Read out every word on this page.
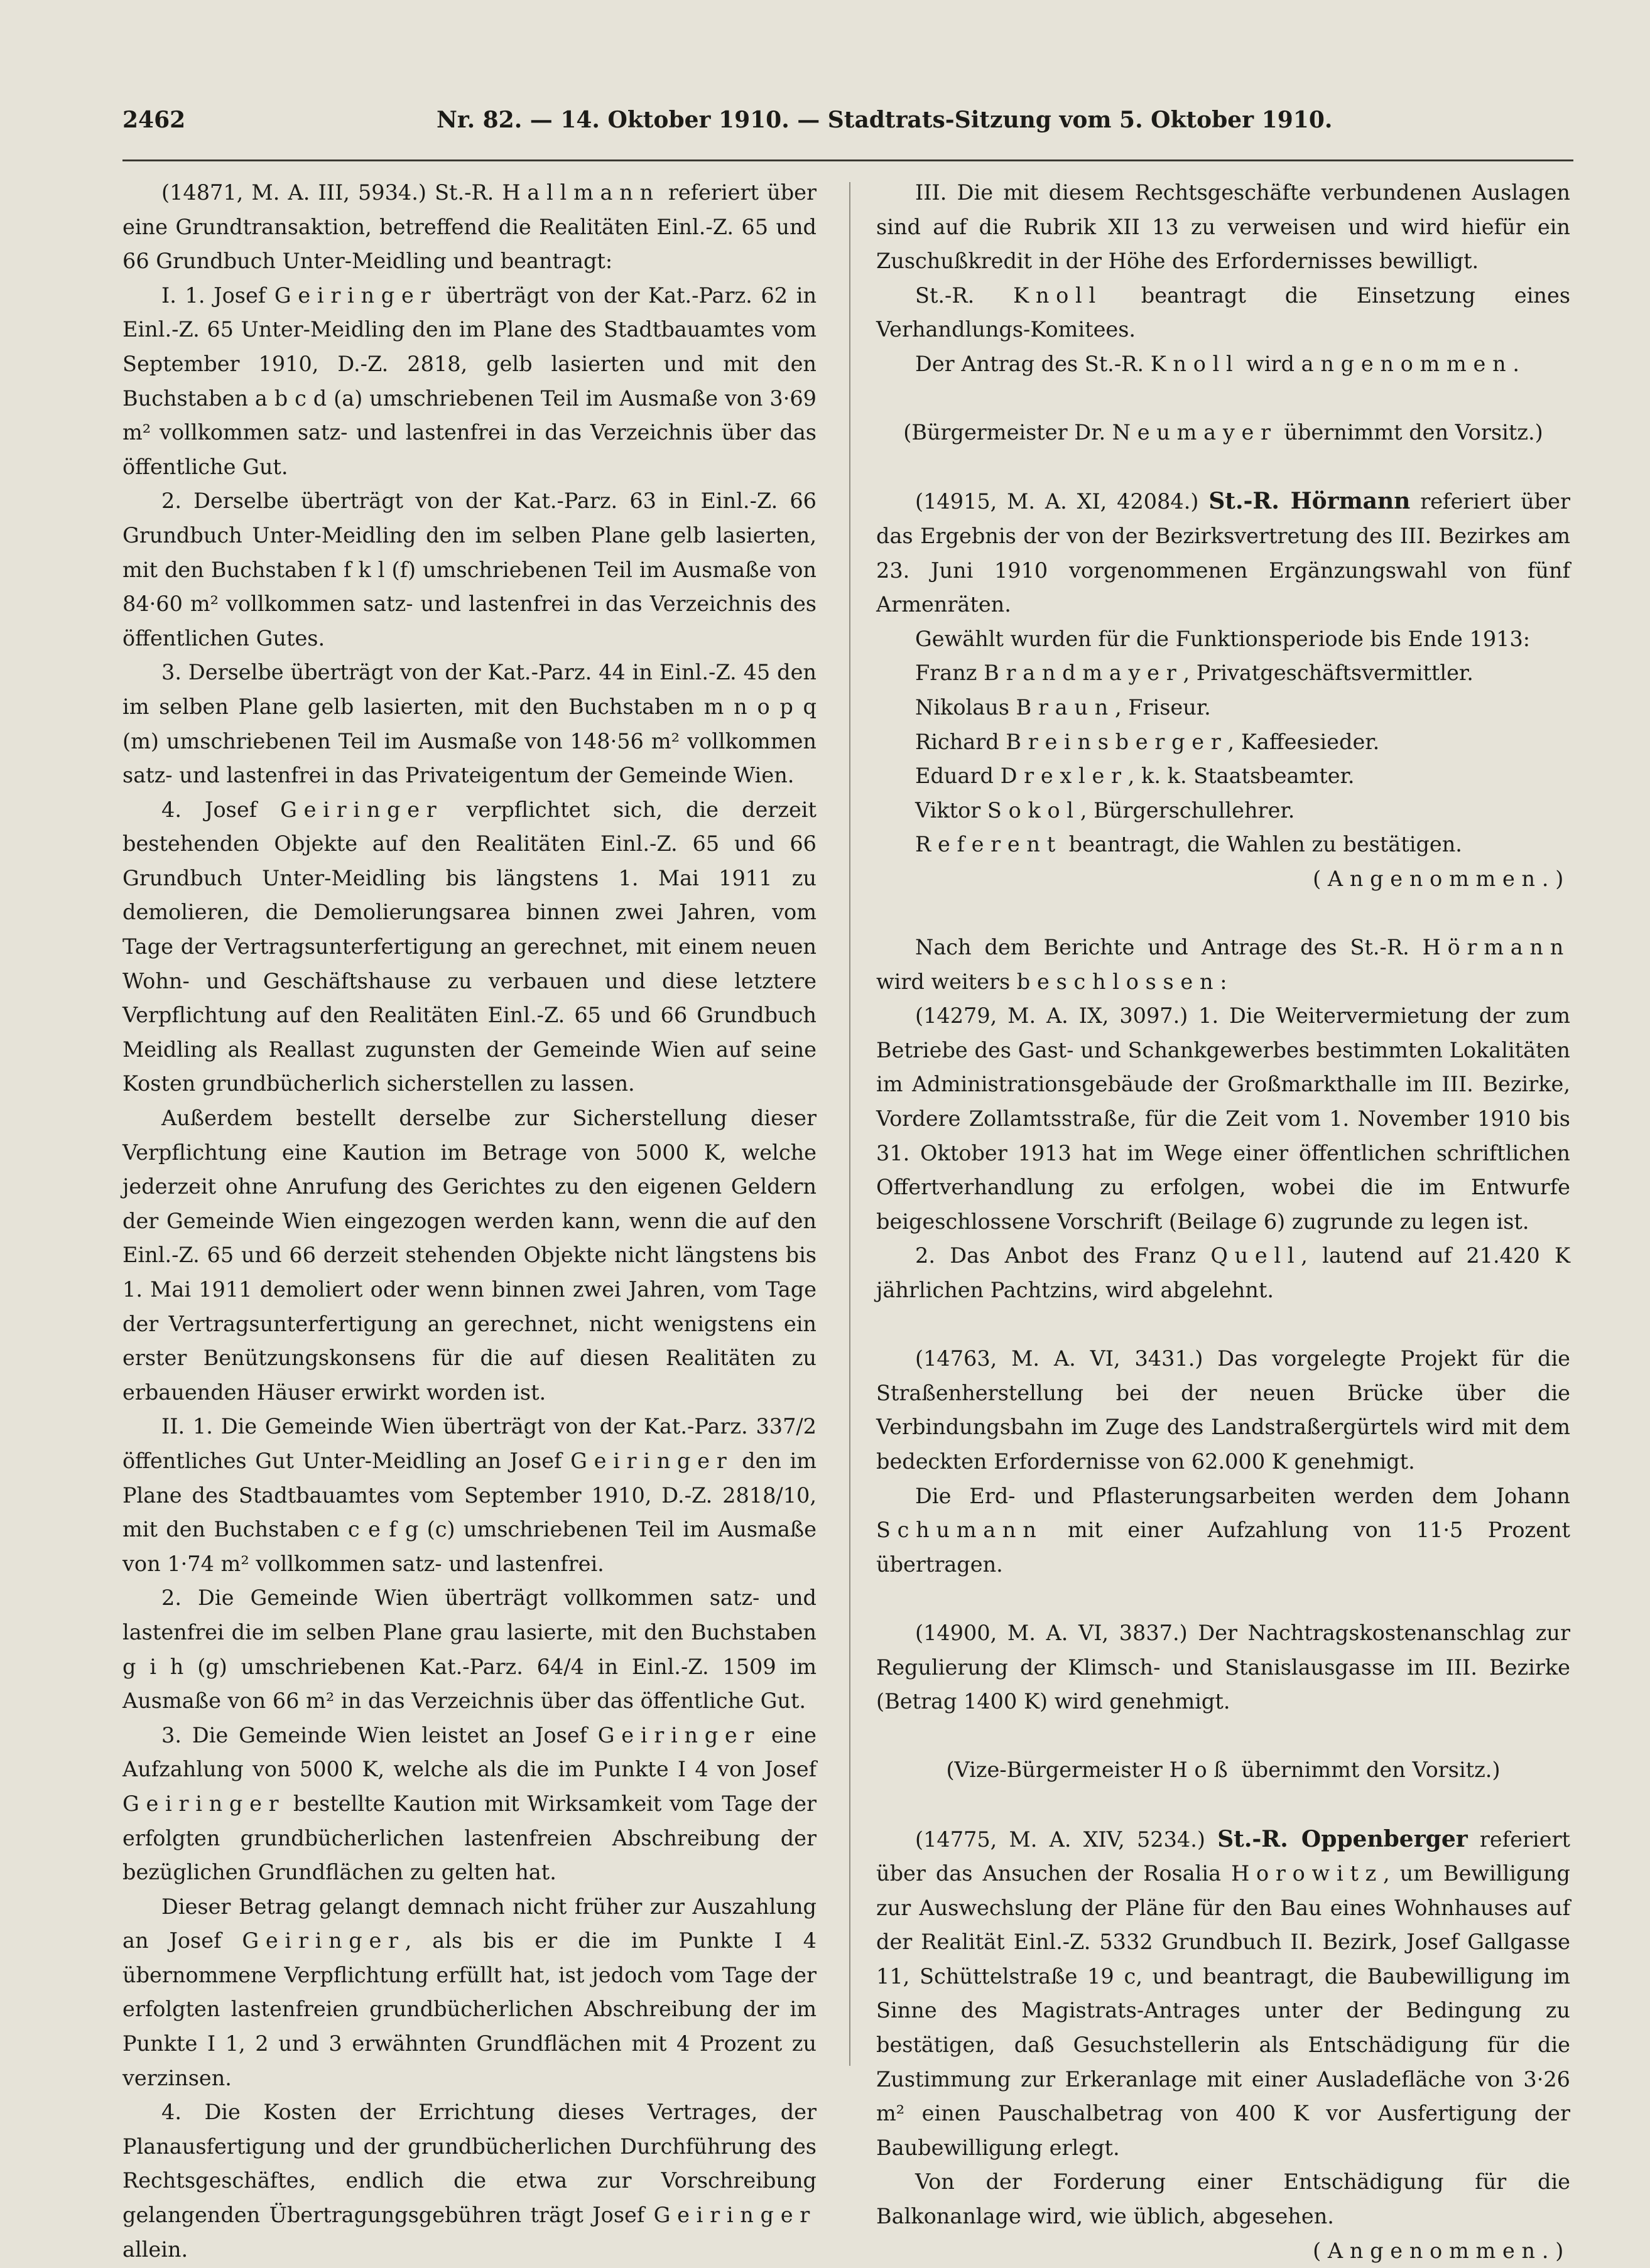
2462	Nr. 82. — 14. Oktober 1910. — Stadtrats-Sitzung vom 5. Oktober 1910.

(14871, M. A. III, 5934.) St.-R. Hallmann referiert über eine Grundtransaktion, betreffend die Realitäten Einl.-Z. 65 und 66 Grundbuch Unter-Meidling und beantragt:

I. 1. Josef Geiringer überträgt von der Kat.-Parz. 62 in Einl.-Z. 65 Unter-Meidling den im Plane des Stadtbauamtes vom September 1910, D.-Z. 2818, gelb lasierten und mit den Buchstaben a b c d (a) umschriebenen Teil im Ausmaße von 3·69 m² vollkommen satz- und lastenfrei in das Verzeichnis über das öffentliche Gut.

2. Derselbe überträgt von der Kat.-Parz. 63 in Einl.-Z. 66 Grundbuch Unter-Meidling den im selben Plane gelb lasierten, mit den Buchstaben f k l (f) umschriebenen Teil im Ausmaße von 84·60 m² vollkommen satz- und lastenfrei in das Verzeichnis des öffentlichen Gutes.

3. Derselbe überträgt von der Kat.-Parz. 44 in Einl.-Z. 45 den im selben Plane gelb lasierten, mit den Buchstaben m n o p q (m) umschriebenen Teil im Ausmaße von 148·56 m² vollkommen satz- und lastenfrei in das Privateigentum der Gemeinde Wien.

4. Josef Geiringer verpflichtet sich, die derzeit bestehenden Objekte auf den Realitäten Einl.-Z. 65 und 66 Grundbuch Unter-Meidling bis längstens 1. Mai 1911 zu demolieren, die Demolierungsarea binnen zwei Jahren, vom Tage der Vertragsunterfertigung an gerechnet, mit einem neuen Wohn- und Geschäftshause zu verbauen und diese letztere Verpflichtung auf den Realitäten Einl.-Z. 65 und 66 Grundbuch Meidling als Reallast zugunsten der Gemeinde Wien auf seine Kosten grundbücherlich sicherstellen zu lassen.

Außerdem bestellt derselbe zur Sicherstellung dieser Verpflichtung eine Kaution im Betrage von 5000 K, welche jederzeit ohne Anrufung des Gerichtes zu den eigenen Geldern der Gemeinde Wien eingezogen werden kann, wenn die auf den Einl.-Z. 65 und 66 derzeit stehenden Objekte nicht längstens bis 1. Mai 1911 demoliert oder wenn binnen zwei Jahren, vom Tage der Vertragsunterfertigung an gerechnet, nicht wenigstens ein erster Benützungskonsens für die auf diesen Realitäten zu erbauenden Häuser erwirkt worden ist.

II. 1. Die Gemeinde Wien überträgt von der Kat.-Parz. 337/2 öffentliches Gut Unter-Meidling an Josef Geiringer den im Plane des Stadtbauamtes vom September 1910, D.-Z. 2818/10, mit den Buchstaben c e f g (c) umschriebenen Teil im Ausmaße von 1·74 m² vollkommen satz- und lastenfrei.

2. Die Gemeinde Wien überträgt vollkommen satz- und lastenfrei die im selben Plane grau lasierte, mit den Buchstaben g i h (g) umschriebenen Kat.-Parz. 64/4 in Einl.-Z. 1509 im Ausmaße von 66 m² in das Verzeichnis über das öffentliche Gut.

3. Die Gemeinde Wien leistet an Josef Geiringer eine Aufzahlung von 5000 K, welche als die im Punkte I 4 von Josef Geiringer bestellte Kaution mit Wirksamkeit vom Tage der erfolgten grundbücherlichen lastenfreien Abschreibung der bezüglichen Grundflächen zu gelten hat.

Dieser Betrag gelangt demnach nicht früher zur Auszahlung an Josef Geiringer, als bis er die im Punkte I 4 übernommene Verpflichtung erfüllt hat, ist jedoch vom Tage der erfolgten lastenfreien grundbücherlichen Abschreibung der im Punkte I 1, 2 und 3 erwähnten Grundflächen mit 4 Prozent zu verzinsen.

4. Die Kosten der Errichtung dieses Vertrages, der Planausfertigung und der grundbücherlichen Durchführung des Rechtsgeschäftes, endlich die etwa zur Vorschreibung gelangenden Übertragungsgebühren trägt Josef Geiringer allein.

III. Die mit diesem Rechtsgeschäfte verbundenen Auslagen sind auf die Rubrik XII 13 zu verweisen und wird hiefür ein Zuschußkredit in der Höhe des Erfordernisses bewilligt.

St.-R. Knoll beantragt die Einsetzung eines Verhandlungs-Komitees.

Der Antrag des St.-R. Knoll wird angenommen.

(Bürgermeister Dr. Neumayer übernimmt den Vorsitz.)

(14915, M. A. XI, 42084.) St.-R. Hörmann referiert über das Ergebnis der von der Bezirksvertretung des III. Bezirkes am 23. Juni 1910 vorgenommenen Ergänzungswahl von fünf Armenräten.

Gewählt wurden für die Funktionsperiode bis Ende 1913:

Franz Brandmayer, Privatgeschäftsvermittler.

Nikolaus Braun, Friseur.

Richard Breinsberger, Kaffeesieder.

Eduard Drexler, k. k. Staatsbeamter.

Viktor Sokol, Bürgerschullehrer.

Referent beantragt, die Wahlen zu bestätigen.

(Angenommen.)

Nach dem Berichte und Antrage des St.-R. Hörmann wird weiters beschlossen:

(14279, M. A. IX, 3097.) 1. Die Weitervermietung der zum Betriebe des Gast- und Schankgewerbes bestimmten Lokalitäten im Administrationsgebäude der Großmarkthalle im III. Bezirke, Vordere Zollamtsstraße, für die Zeit vom 1. November 1910 bis 31. Oktober 1913 hat im Wege einer öffentlichen schriftlichen Offertverhandlung zu erfolgen, wobei die im Entwurfe beigeschlossene Vorschrift (Beilage 6) zugrunde zu legen ist.

2. Das Anbot des Franz Quell, lautend auf 21.420 K jährlichen Pachtzins, wird abgelehnt.

(14763, M. A. VI, 3431.) Das vorgelegte Projekt für die Straßenherstellung bei der neuen Brücke über die Verbindungsbahn im Zuge des Landstraßergürtels wird mit dem bedeckten Erfordernisse von 62.000 K genehmigt.

Die Erd- und Pflasterungsarbeiten werden dem Johann Schumann mit einer Aufzahlung von 11·5 Prozent übertragen.

(14900, M. A. VI, 3837.) Der Nachtragskostenanschlag zur Regulierung der Klimsch- und Stanislausgasse im III. Bezirke (Betrag 1400 K) wird genehmigt.

(Vize-Bürgermeister Hoß übernimmt den Vorsitz.)

(14775, M. A. XIV, 5234.) St.-R. Oppenberger referiert über das Ansuchen der Rosalia Horowitz, um Bewilligung zur Auswechslung der Pläne für den Bau eines Wohnhauses auf der Realität Einl.-Z. 5332 Grundbuch II. Bezirk, Josef Gallgasse 11, Schüttelstraße 19 c, und beantragt, die Baubewilligung im Sinne des Magistrats-Antrages unter der Bedingung zu bestätigen, daß Gesuchstellerin als Entschädigung für die Zustimmung zur Erkeranlage mit einer Ausladefläche von 3·26 m² einen Pauschalbetrag von 400 K vor Ausfertigung der Baubewilligung erlegt.

Von der Forderung einer Entschädigung für die Balkonanlage wird, wie üblich, abgesehen.
(Angenommen.)
